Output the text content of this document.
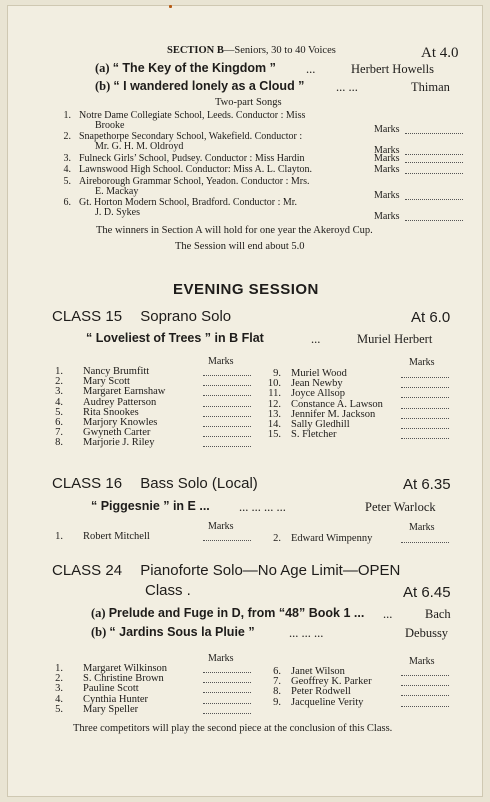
SECTION B—Seniors, 30 to 40 Voices	At 4.0
(a) “ The Key of the Kingdom ” ...	Herbert Howells
(b) “ I wandered lonely as a Cloud ”	... ...	Thiman
Two-part Songs
1. Notre Dame Collegiate School, Leeds. Conductor : Miss
Brooke	Marks
2. Snapethorpe Secondary School, Wakefield. Conductor :
Mr. G. H. M. Oldroyd	Marks
3. Fulneck Girls’ School, Pudsey. Conductor : Miss Hardin	Marks
4. Lawnswood High School. Conductor: Miss A. L. Clayton.	Marks
5. Aireborough Grammar School, Yeadon. Conductor : Mrs.
E. Mackay	Marks
6. Gt. Horton Modern School, Bradford. Conductor : Mr.
J. D. Sykes	Marks
The winners in Section A will hold for one year the Akeroyd Cup.
The Session will end about 5.0
EVENING SESSION
CLASS 15 Soprano Solo	At 6.0
“ Loveliest of Trees ” in B Flat	...	Muriel Herbert
Marks	Marks
1. Nancy Brumfitt
2. Mary Scott
3. Margaret Earnshaw
4. Audrey Patterson
5. Rita Snookes
6. Marjory Knowles
7. Gwyneth Carter
8. Marjorie J. Riley
9. Muriel Wood
10. Jean Newby
11. Joyce Allsop
12. Constance A. Lawson
13. Jennifer M. Jackson
14. Sally Gledhill
15. S. Fletcher
CLASS 16 Bass Solo (Local)	At 6.35
“ Piggesnie ” in E ... ... ... ... ...	Peter Warlock
Marks	Marks
1. Robert Mitchell	2. Edward Wimpenny
CLASS 24 Pianoforte Solo—No Age Limit—OPEN
Class .	At 6.45
(a) Prelude and Fuge in D, from “48” Book 1 ... ...	Bach
(b) “ Jardins Sous la Pluie ”	... ... ...	Debussy
Marks	Marks
1. Margaret Wilkinson
2. S. Christine Brown
3. Pauline Scott
4. Cynthia Hunter
5. Mary Speller
6. Janet Wilson
7. Geoffrey K. Parker
8. Peter Rodwell
9. Jacqueline Verity
Three competitors will play the second piece at the conclusion of this Class.
